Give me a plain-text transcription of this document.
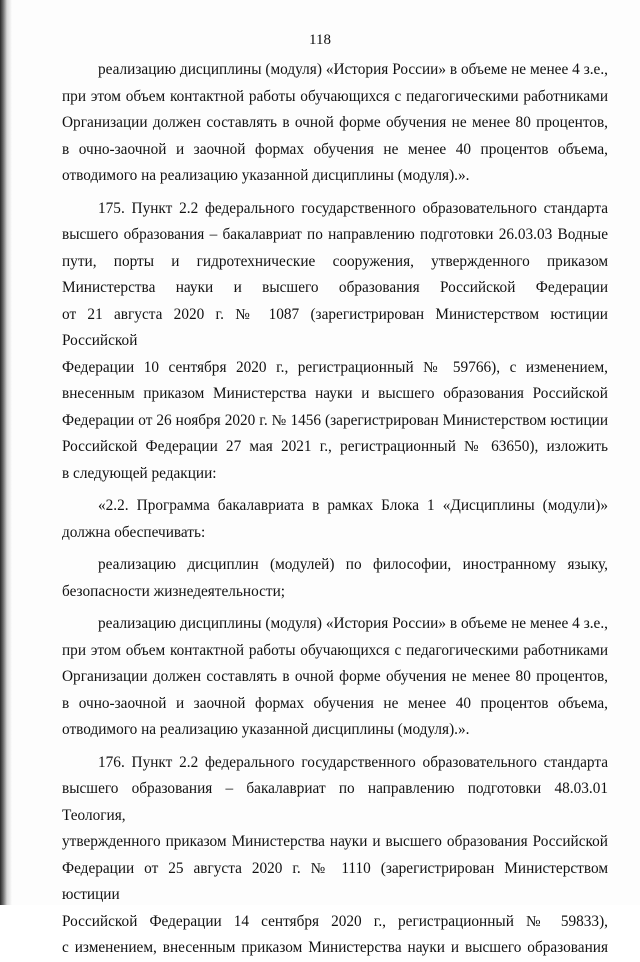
118

реализацию дисциплины (модуля) «История России» в объеме не менее 4 з.е.,

при этом объем контактной работы обучающихся с педагогическими работниками

Организации должен составлять в очной форме обучения не менее 80 процентов,

в очно-заочной и заочной формах обучения не менее 40 процентов объема,

отводимого на реализацию указанной дисциплины (модуля).».

175. Пункт 2.2 федерального государственного образовательного стандарта

высшего образования – бакалавриат по направлению подготовки 26.03.03 Водные

пути, порты и гидротехнические сооружения, утвержденного приказом

Министерства науки и высшего образования Российской Федерации

от 21 августа 2020 г. № 1087 (зарегистрирован Министерством юстиции Российской

Федерации 10 сентября 2020 г., регистрационный № 59766), с изменением,

внесенным приказом Министерства науки и высшего образования Российской

Федерации от 26 ноября 2020 г. № 1456 (зарегистрирован Министерством юстиции

Российской Федерации 27 мая 2021 г., регистрационный № 63650), изложить

в следующей редакции:

«2.2. Программа бакалавриата в рамках Блока 1 «Дисциплины (модули)»

должна обеспечивать:

реализацию дисциплин (модулей) по философии, иностранному языку,

безопасности жизнедеятельности;

реализацию дисциплины (модуля) «История России» в объеме не менее 4 з.е.,

при этом объем контактной работы обучающихся с педагогическими работниками

Организации должен составлять в очной форме обучения не менее 80 процентов,

в очно-заочной и заочной формах обучения не менее 40 процентов объема,

отводимого на реализацию указанной дисциплины (модуля).».

176. Пункт 2.2 федерального государственного образовательного стандарта

высшего образования – бакалавриат по направлению подготовки 48.03.01 Теология,

утвержденного приказом Министерства науки и высшего образования Российской

Федерации от 25 августа 2020 г. № 1110 (зарегистрирован Министерством юстиции

Российской Федерации 14 сентября 2020 г., регистрационный № 59833),

с изменением, внесенным приказом Министерства науки и высшего образования
